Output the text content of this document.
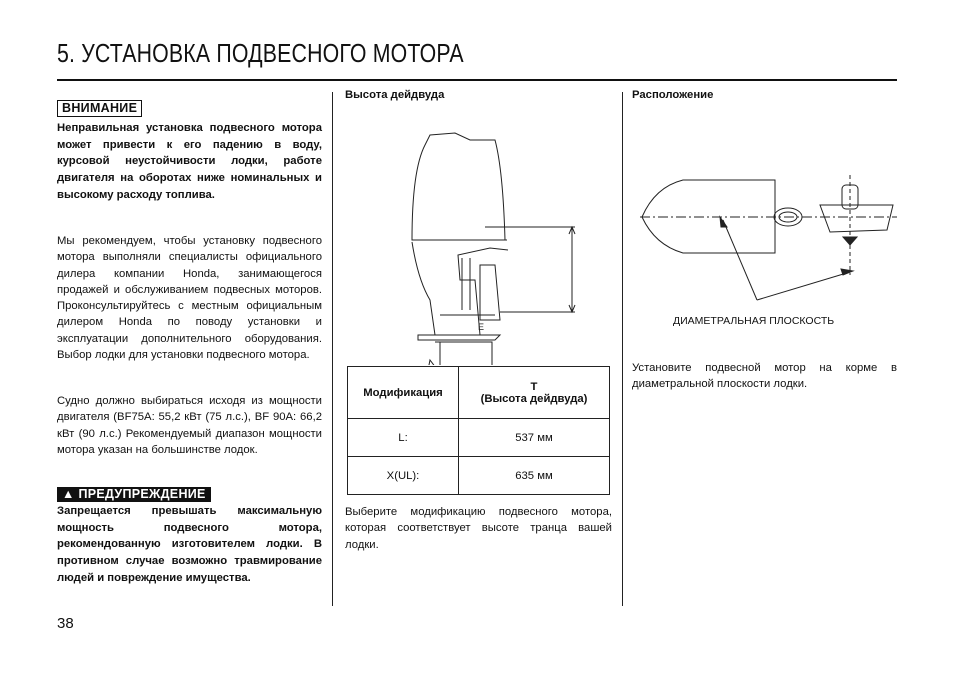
5. УСТАНОВКА ПОДВЕСНОГО МОТОРА
ВНИМАНИЕ
Неправильная установка подвесного мотора может привести к его падению в воду, курсовой неустойчивости лодки, работе двигателя на оборотах ниже номинальных и высокому расходу топлива.
Мы рекомендуем, чтобы установку подвесного мотора выполняли специалисты официального дилера компании Honda, занимающегося продажей и обслуживанием подвесных моторов. Проконсультируйтесь с местным официальным дилером Honda по поводу установки и эксплуатации дополнительного оборудования. Выбор лодки для установки подвесного мотора.
Судно должно выбираться исходя из мощности двигателя (BF75A: 55,2 кВт (75 л.с.), BF 90A: 66,2 кВт (90 л.с.) Рекомендуемый диапазон мощности мотора указан на большинстве лодок.
▲ ПРЕДУПРЕЖДЕНИЕ
Запрещается превышать максимальную мощность подвесного мотора, рекомендованную изготовителем лодки. В противном случае возможно травмирование людей и повреждение имущества.
38
Высота дейдвуда
E
Модификация	T
(Высота дейдвуда)

L:	537 мм
X(UL):	635 мм
Выберите модификацию подвесного мотора, которая соответствует высоте транца вашей лодки.
Расположение
ДИАМЕТРАЛЬНАЯ ПЛОСКОСТЬ
Установите подвесной мотор на корме в диаметральной плоскости лодки.
